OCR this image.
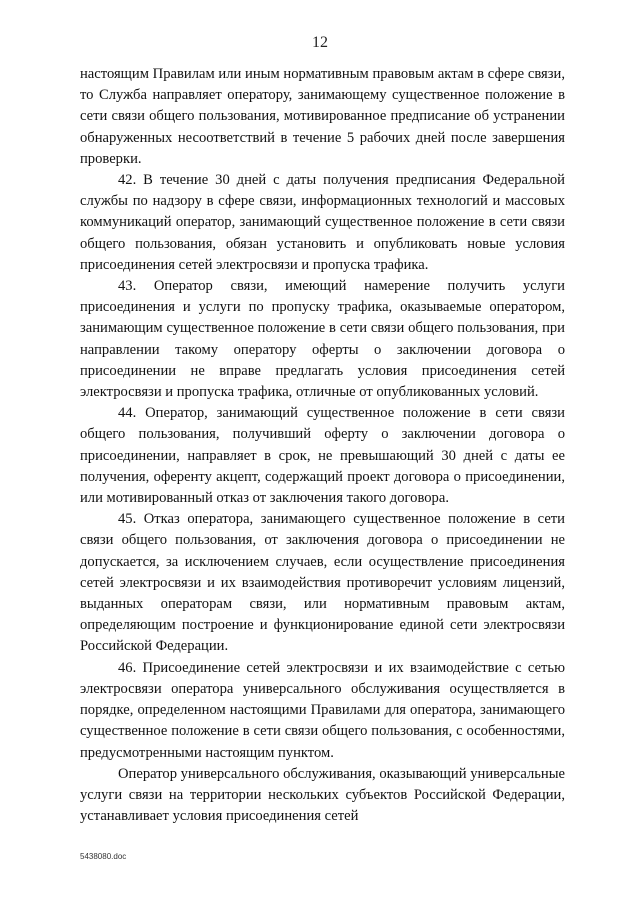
12

настоящим Правилам или иным нормативным правовым актам в сфере связи, то Служба направляет оператору, занимающему существенное положение в сети связи общего пользования, мотивированное предписание об устранении обнаруженных несоответствий в течение 5 рабочих дней после завершения проверки.

42. В течение 30 дней с даты получения предписания Федеральной службы по надзору в сфере связи, информационных технологий и массовых коммуникаций оператор, занимающий существенное положение в сети связи общего пользования, обязан установить и опубликовать новые условия присоединения сетей электросвязи и пропуска трафика.

43. Оператор связи, имеющий намерение получить услуги присоединения и услуги по пропуску трафика, оказываемые оператором, занимающим существенное положение в сети связи общего пользования, при направлении такому оператору оферты о заключении договора о присоединении не вправе предлагать условия присоединения сетей электросвязи и пропуска трафика, отличные от опубликованных условий.

44. Оператор, занимающий существенное положение в сети связи общего пользования, получивший оферту о заключении договора о присоединении, направляет в срок, не превышающий 30 дней с даты ее получения, оференту акцепт, содержащий проект договора о присоединении, или мотивированный отказ от заключения такого договора.

45. Отказ оператора, занимающего существенное положение в сети связи общего пользования, от заключения договора о присоединении не допускается, за исключением случаев, если осуществление присоединения сетей электросвязи и их взаимодействия противоречит условиям лицензий, выданных операторам связи, или нормативным правовым актам, определяющим построение и функционирование единой сети электросвязи Российской Федерации.

46. Присоединение сетей электросвязи и их взаимодействие с сетью электросвязи оператора универсального обслуживания осуществляется в порядке, определенном настоящими Правилами для оператора, занимающего существенное положение в сети связи общего пользования, с особенностями, предусмотренными настоящим пунктом.

Оператор универсального обслуживания, оказывающий универсальные услуги связи на территории нескольких субъектов Российской Федерации, устанавливает условия присоединения сетей

5438080.doc
